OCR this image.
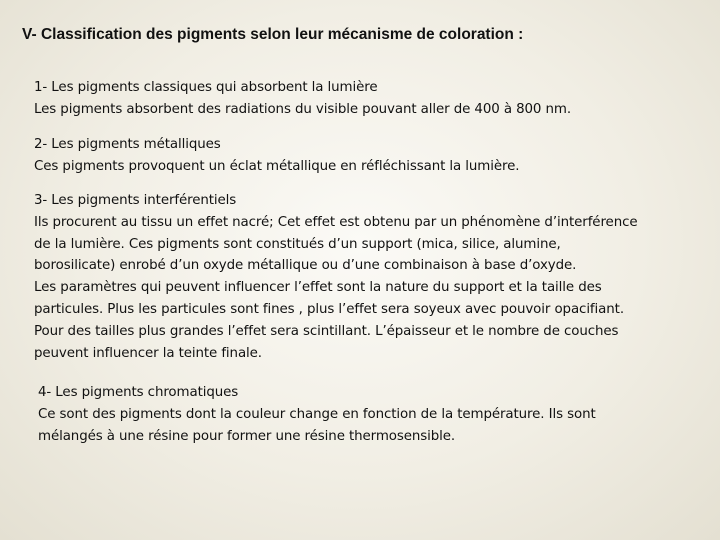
V- Classification des pigments selon leur mécanisme de coloration :
1- Les pigments classiques qui absorbent la lumière
Les pigments absorbent des radiations du visible pouvant aller de 400 à 800 nm.
2- Les pigments métalliques
Ces pigments provoquent un éclat métallique en réfléchissant la lumière.
3- Les pigments interférentiels
Ils procurent au tissu un effet nacré; Cet effet est obtenu par un phénomène d’interférence
de la lumière. Ces pigments sont constitués d’un support (mica, silice, alumine,
borosilicate) enrobé d’un oxyde métallique ou d’une combinaison à base d’oxyde.
Les paramètres qui peuvent influencer l’effet sont la nature du support et la taille des
particules. Plus les particules sont fines , plus l’effet sera soyeux avec pouvoir opacifiant.
Pour des tailles plus grandes l’effet sera scintillant. L’épaisseur et le nombre de couches
peuvent influencer la teinte finale.
4- Les pigments chromatiques
Ce sont des pigments dont la couleur change en fonction de la température. Ils sont
mélangés à une résine pour former une résine thermosensible.
